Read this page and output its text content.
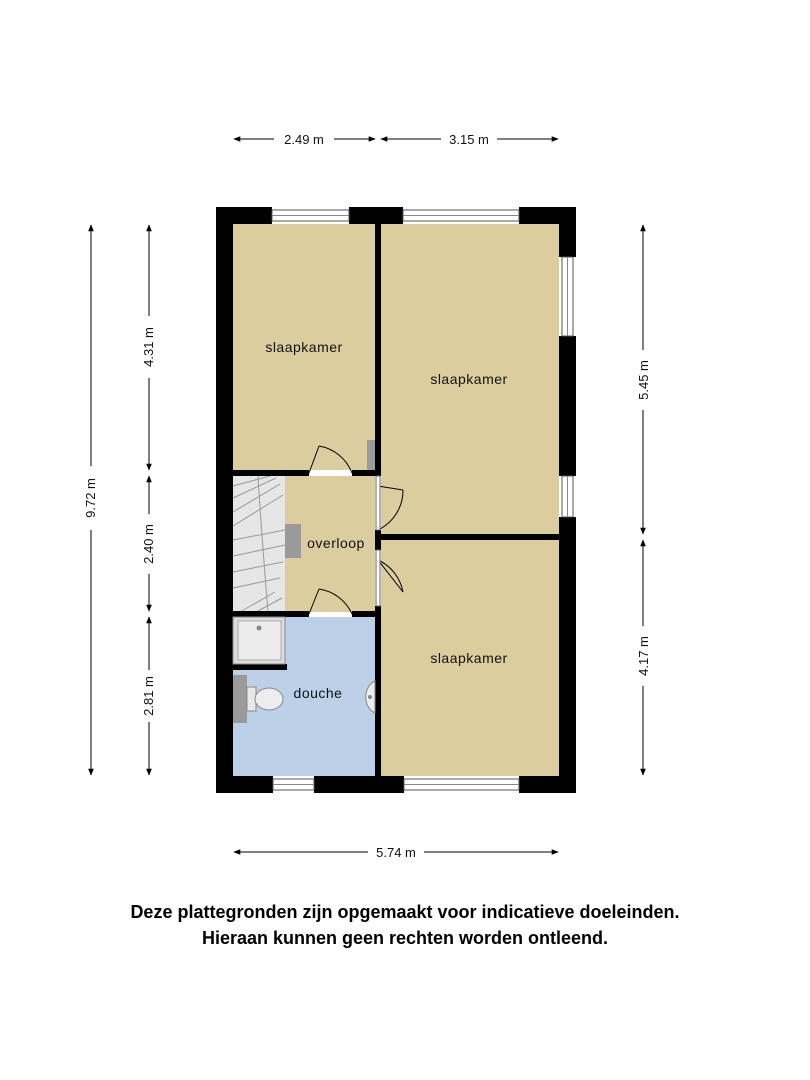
slaapkamer
slaapkamer
overloop
slaapkamer
douche
2.49 m	3.15 m
5.74 m
9.72 m
4.31 m
2.40 m
2.81 m
5.45 m
4.17 m
Deze plattegronden zijn opgemaakt voor indicatieve doeleinden.
Hieraan kunnen geen rechten worden ontleend.
